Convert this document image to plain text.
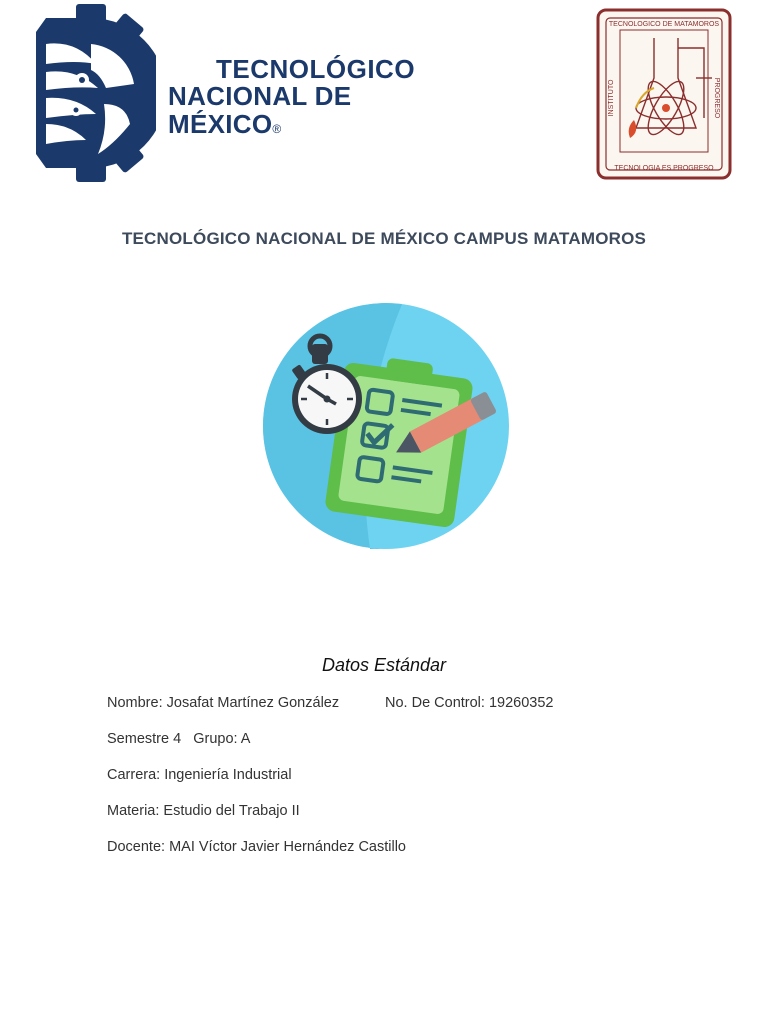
TECNOLÓGICO
NACIONAL DE MÉXICO®
TECNOLOGICO DE MATAMOROS
TECNOLOGIA ES PROGRESO
INSTITUTO	PROGRESO
TECNOLÓGICO NACIONAL DE MÉXICO CAMPUS MATAMOROS
Datos Estándar
Nombre: Josafat Martínez González	No. De Control: 19260352
Semestre 4   Grupo: A
Carrera: Ingeniería Industrial
Materia: Estudio del Trabajo II
Docente: MAI Víctor Javier Hernández Castillo
